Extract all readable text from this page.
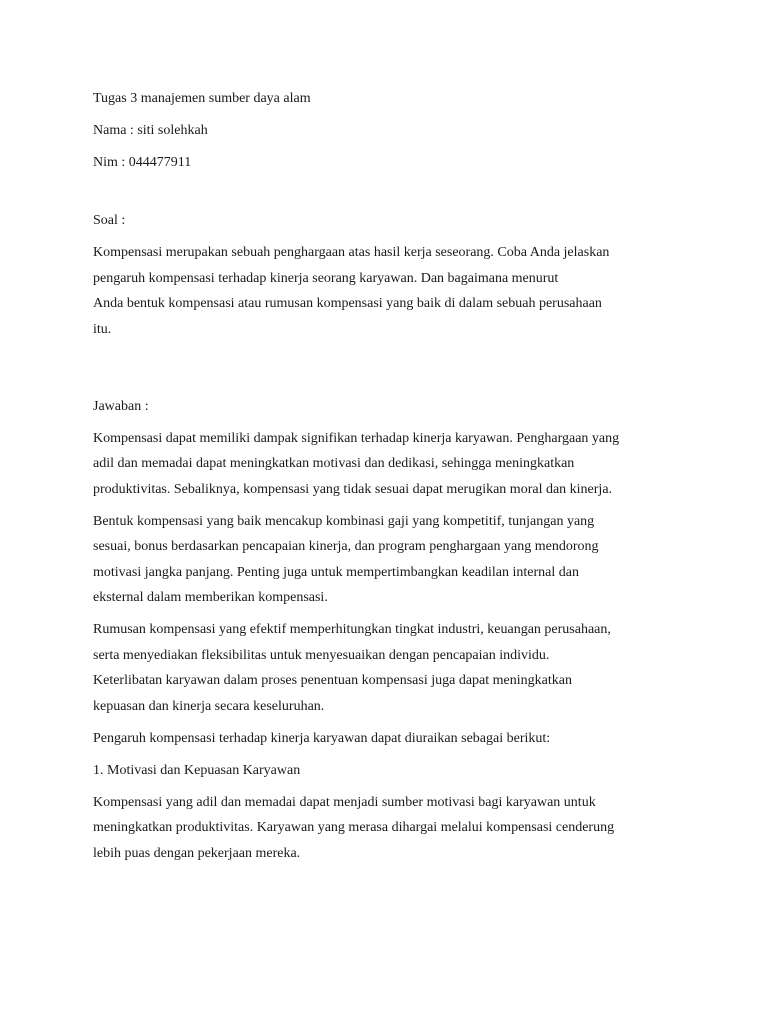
Tugas 3 manajemen sumber daya alam

Nama : siti solehkah

Nim : 044477911

Soal :

Kompensasi merupakan sebuah penghargaan atas hasil kerja seseorang. Coba Anda jelaskan
pengaruh kompensasi terhadap kinerja seorang karyawan. Dan bagaimana menurut
Anda bentuk kompensasi atau rumusan kompensasi yang baik di dalam sebuah perusahaan
itu.

Jawaban :

Kompensasi dapat memiliki dampak signifikan terhadap kinerja karyawan. Penghargaan yang
adil dan memadai dapat meningkatkan motivasi dan dedikasi, sehingga meningkatkan
produktivitas. Sebaliknya, kompensasi yang tidak sesuai dapat merugikan moral dan kinerja.

Bentuk kompensasi yang baik mencakup kombinasi gaji yang kompetitif, tunjangan yang
sesuai, bonus berdasarkan pencapaian kinerja, dan program penghargaan yang mendorong
motivasi jangka panjang. Penting juga untuk mempertimbangkan keadilan internal dan
eksternal dalam memberikan kompensasi.

Rumusan kompensasi yang efektif memperhitungkan tingkat industri, keuangan perusahaan,
serta menyediakan fleksibilitas untuk menyesuaikan dengan pencapaian individu.
Keterlibatan karyawan dalam proses penentuan kompensasi juga dapat meningkatkan
kepuasan dan kinerja secara keseluruhan.

Pengaruh kompensasi terhadap kinerja karyawan dapat diuraikan sebagai berikut:

1. Motivasi dan Kepuasan Karyawan

Kompensasi yang adil dan memadai dapat menjadi sumber motivasi bagi karyawan untuk
meningkatkan produktivitas. Karyawan yang merasa dihargai melalui kompensasi cenderung
lebih puas dengan pekerjaan mereka.
